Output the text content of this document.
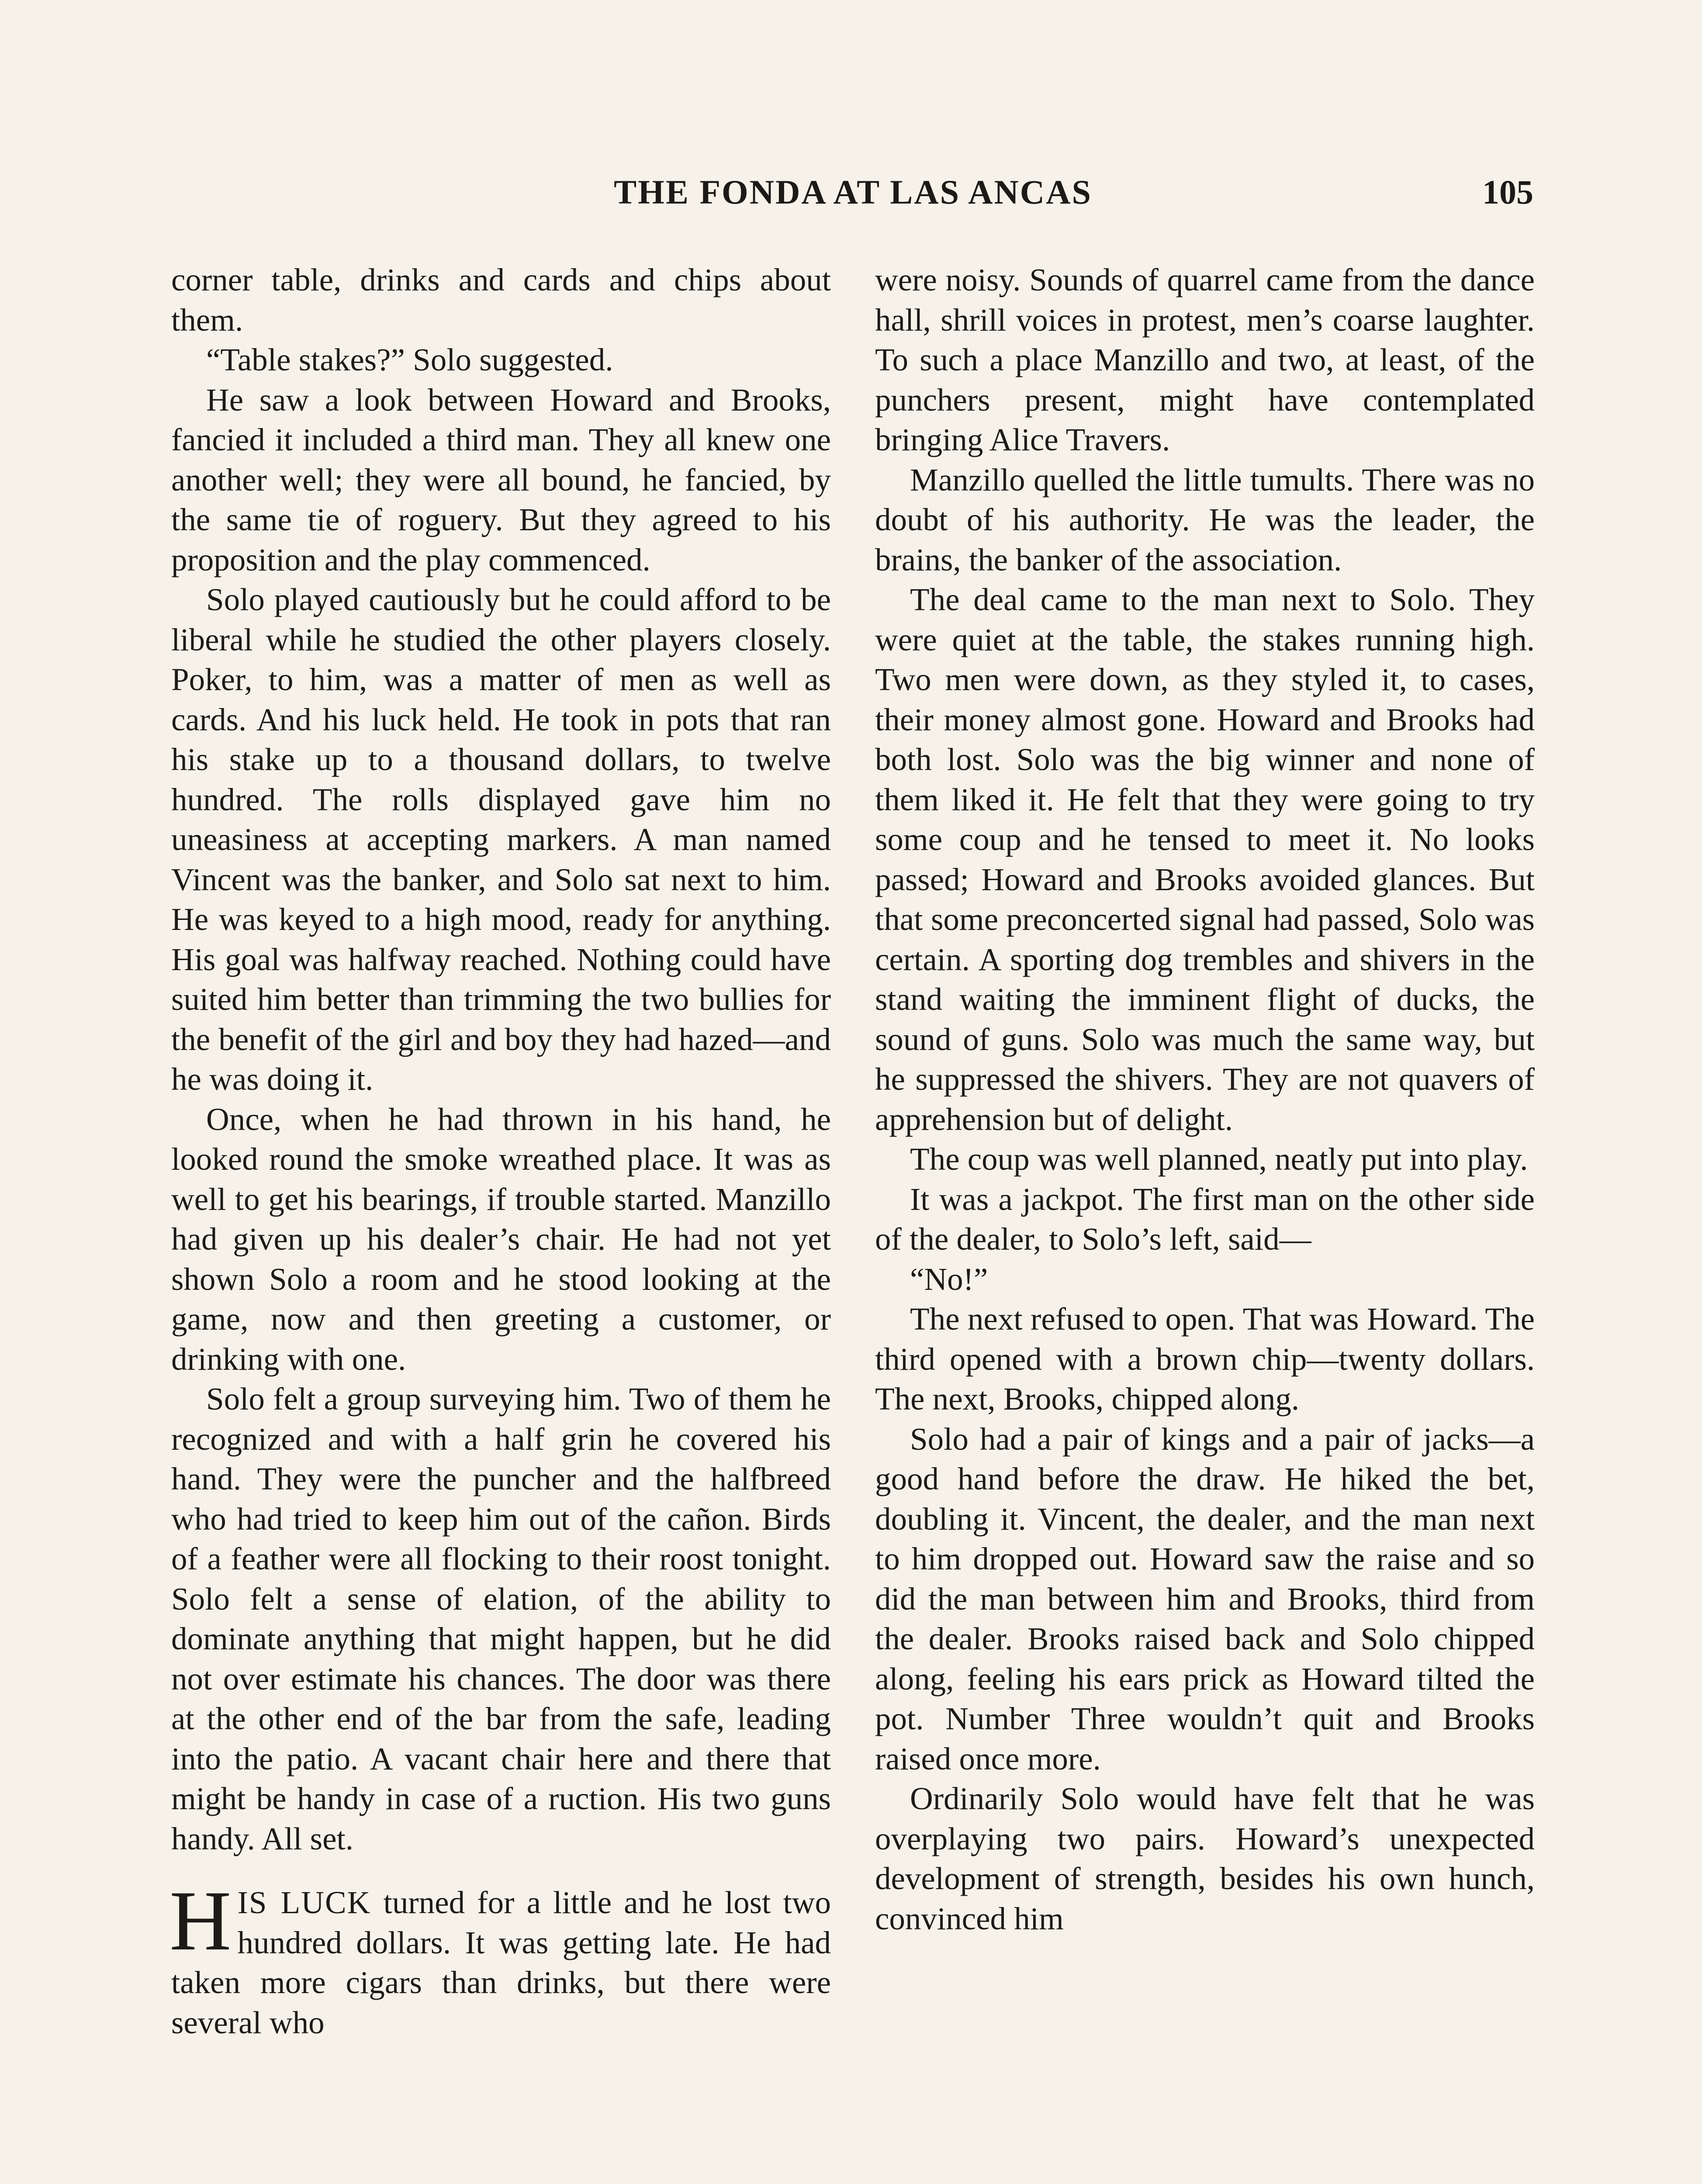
THE FONDA AT LAS ANCAS	105

corner table, drinks and cards and chips about them.

“Table stakes?” Solo suggested.

He saw a look between Howard and Brooks, fancied it included a third man. They all knew one another well; they were all bound, he fancied, by the same tie of roguery. But they agreed to his proposition and the play commenced.

Solo played cautiously but he could afford to be liberal while he studied the other players closely. Poker, to him, was a matter of men as well as cards. And his luck held. He took in pots that ran his stake up to a thousand dollars, to twelve hundred. The rolls displayed gave him no uneasiness at accepting markers. A man named Vincent was the banker, and Solo sat next to him. He was keyed to a high mood, ready for anything. His goal was halfway reached. Nothing could have suited him better than trimming the two bullies for the benefit of the girl and boy they had hazed—and he was doing it.

Once, when he had thrown in his hand, he looked round the smoke wreathed place. It was as well to get his bearings, if trouble started. Manzillo had given up his dealer’s chair. He had not yet shown Solo a room and he stood looking at the game, now and then greeting a customer, or drinking with one.

Solo felt a group surveying him. Two of them he recognized and with a half grin he covered his hand. They were the puncher and the halfbreed who had tried to keep him out of the cañon. Birds of a feather were all flocking to their roost tonight. Solo felt a sense of elation, of the ability to dominate anything that might happen, but he did not over estimate his chances. The door was there at the other end of the bar from the safe, leading into the patio. A vacant chair here and there that might be handy in case of a ruction. His two guns handy. All set.

HIS LUCK turned for a little and he lost two hundred dollars. It was getting late. He had taken more cigars than drinks, but there were several who

were noisy. Sounds of quarrel came from the dance hall, shrill voices in protest, men’s coarse laughter. To such a place Manzillo and two, at least, of the punchers present, might have contemplated bringing Alice Travers.

Manzillo quelled the little tumults. There was no doubt of his authority. He was the leader, the brains, the banker of the association.

The deal came to the man next to Solo. They were quiet at the table, the stakes running high. Two men were down, as they styled it, to cases, their money almost gone. Howard and Brooks had both lost. Solo was the big winner and none of them liked it. He felt that they were going to try some coup and he tensed to meet it. No looks passed; Howard and Brooks avoided glances. But that some preconcerted signal had passed, Solo was certain. A sporting dog trembles and shivers in the stand waiting the imminent flight of ducks, the sound of guns. Solo was much the same way, but he suppressed the shivers. They are not quavers of apprehension but of delight.

The coup was well planned, neatly put into play.

It was a jackpot. The first man on the other side of the dealer, to Solo’s left, said—

“No!”

The next refused to open. That was Howard. The third opened with a brown chip—twenty dollars. The next, Brooks, chipped along.

Solo had a pair of kings and a pair of jacks—a good hand before the draw. He hiked the bet, doubling it. Vincent, the dealer, and the man next to him dropped out. Howard saw the raise and so did the man between him and Brooks, third from the dealer. Brooks raised back and Solo chipped along, feeling his ears prick as Howard tilted the pot. Number Three wouldn’t quit and Brooks raised once more.

Ordinarily Solo would have felt that he was overplaying two pairs. Howard’s unexpected development of strength, besides his own hunch, convinced him
